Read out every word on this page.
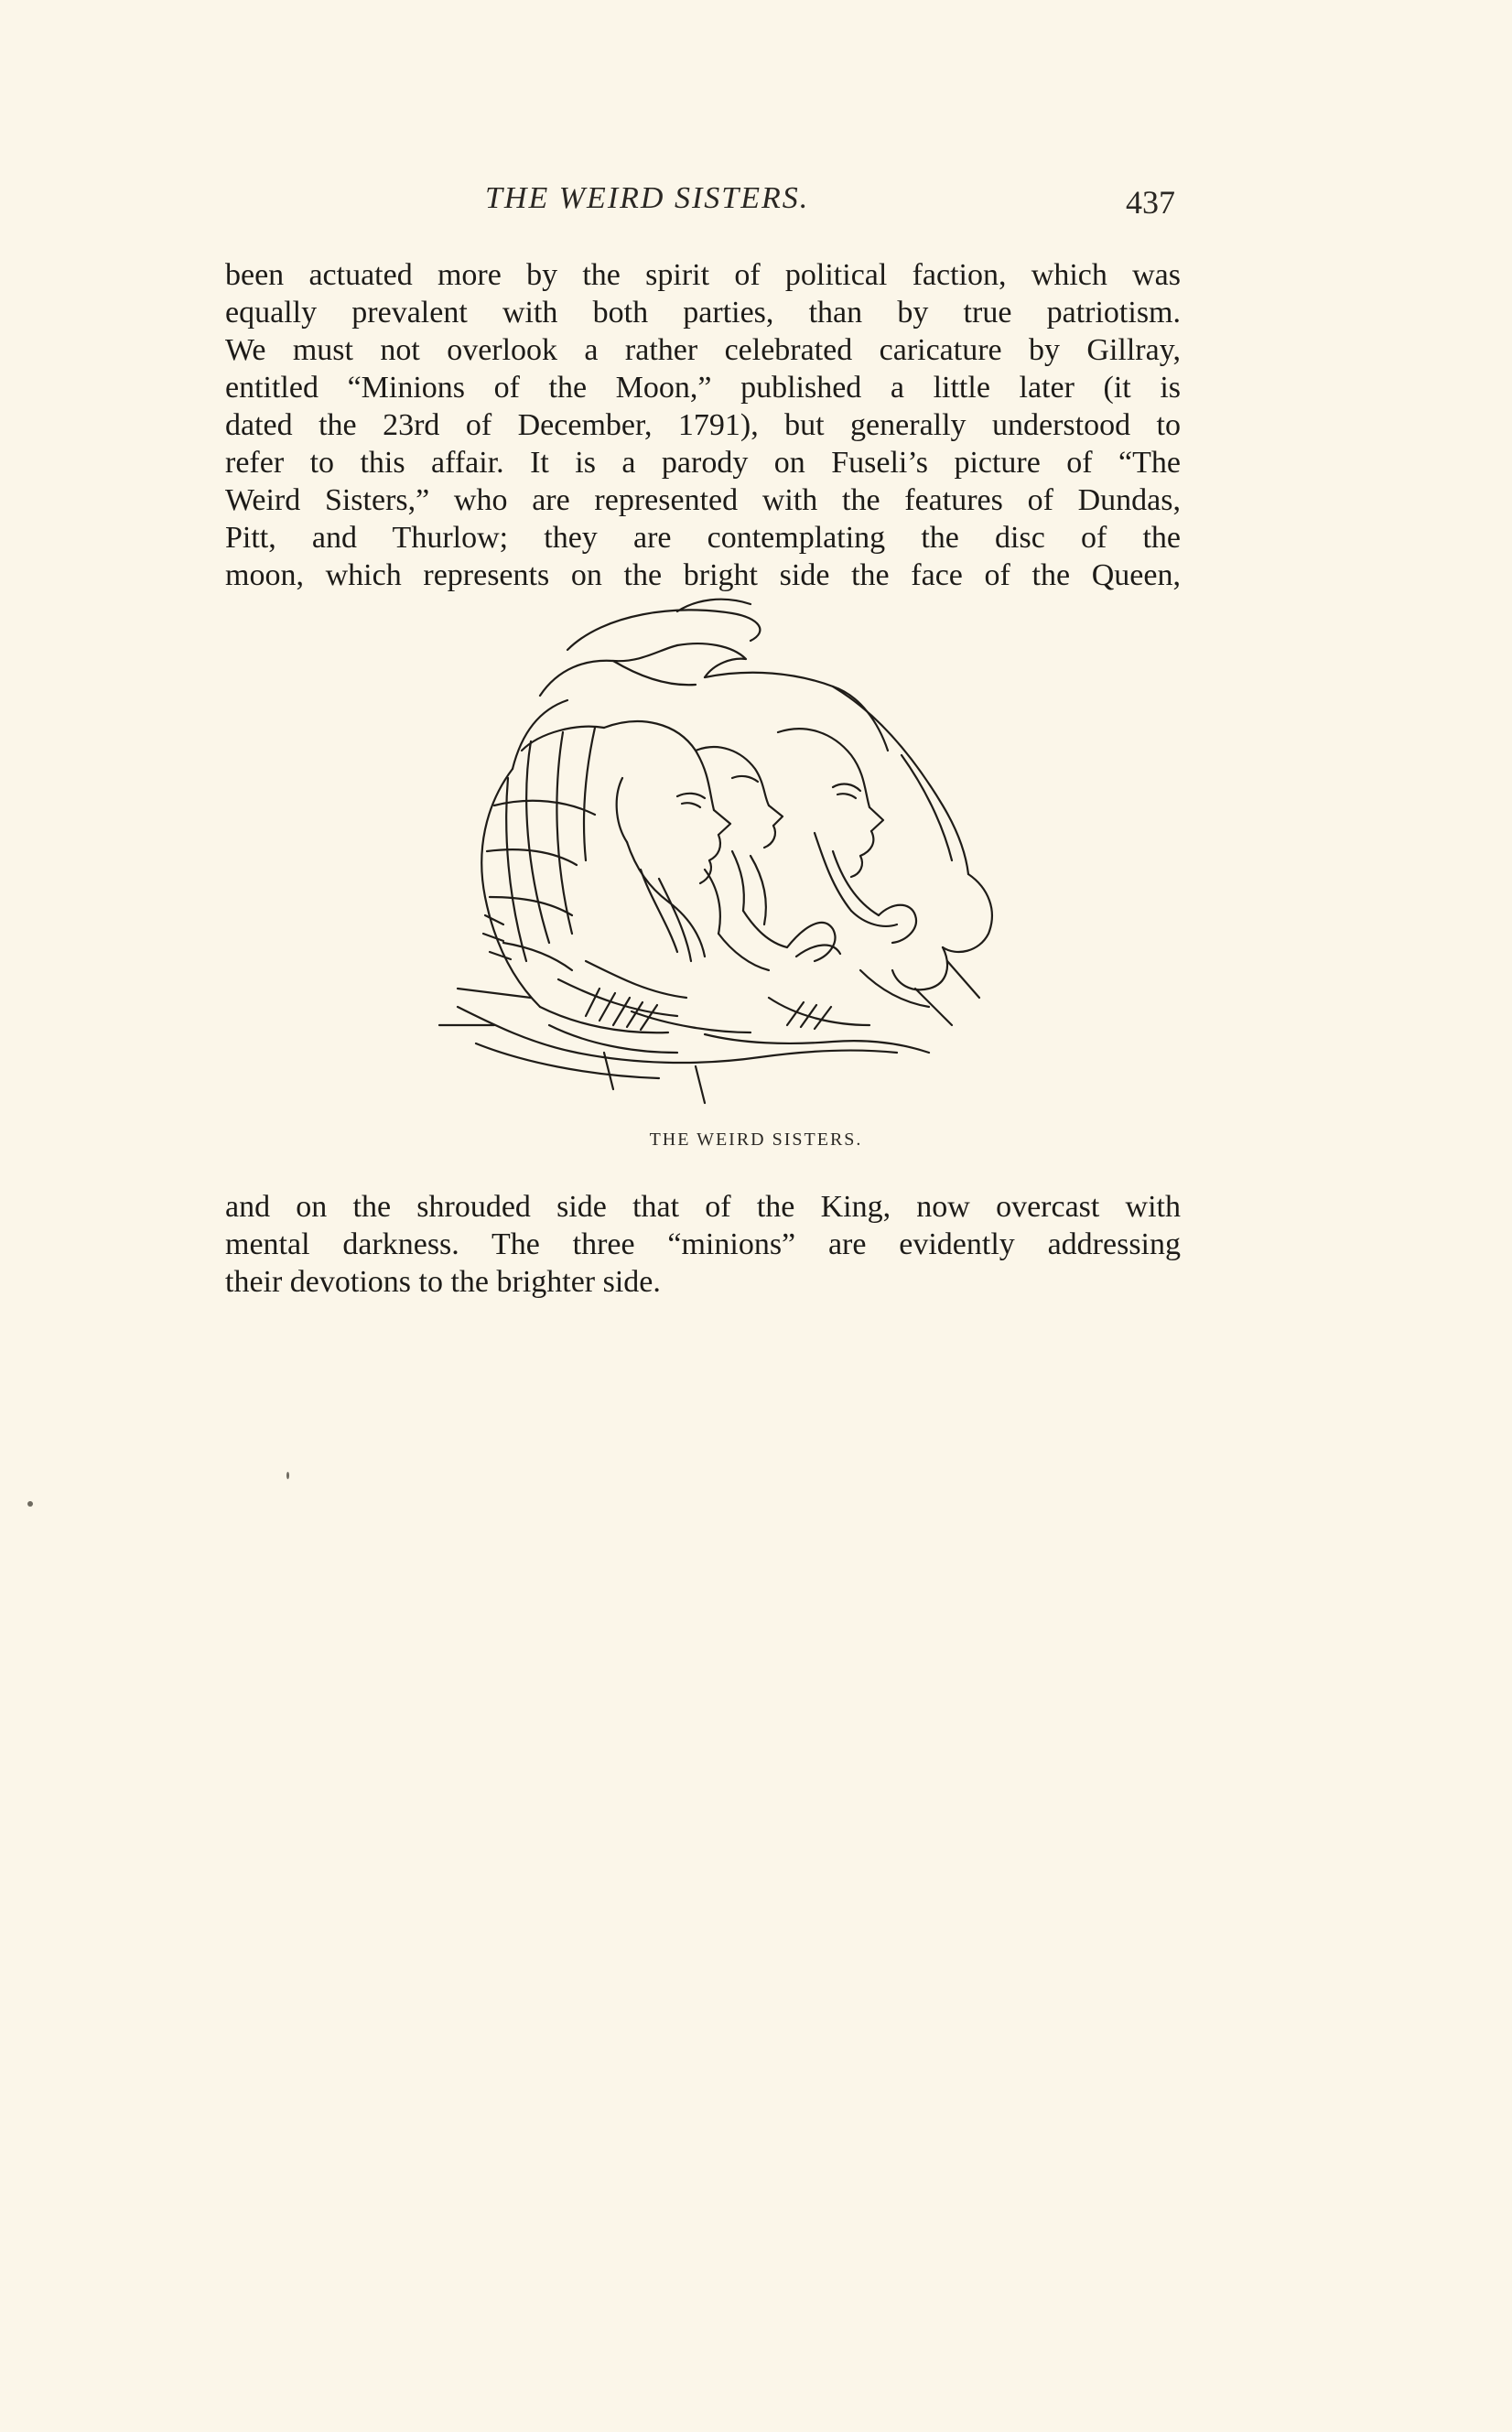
THE WEIRD SISTERS.	437
been actuated more by the spirit of political faction, which was
equally prevalent with both parties, than by true patriotism.
We must not overlook a rather celebrated caricature by Gillray,
entitled “Minions of the Moon,” published a little later (it is
dated the 23rd of December, 1791), but generally understood to
refer to this affair. It is a parody on Fuseli’s picture of “The
Weird Sisters,” who are represented with the features of Dundas,
Pitt, and Thurlow; they are contemplating the disc of the
moon, which represents on the bright side the face of the Queen,
THE WEIRD SISTERS.
and on the shrouded side that of the King, now overcast with
mental darkness. The three “minions” are evidently addressing
their devotions to the brighter side.
